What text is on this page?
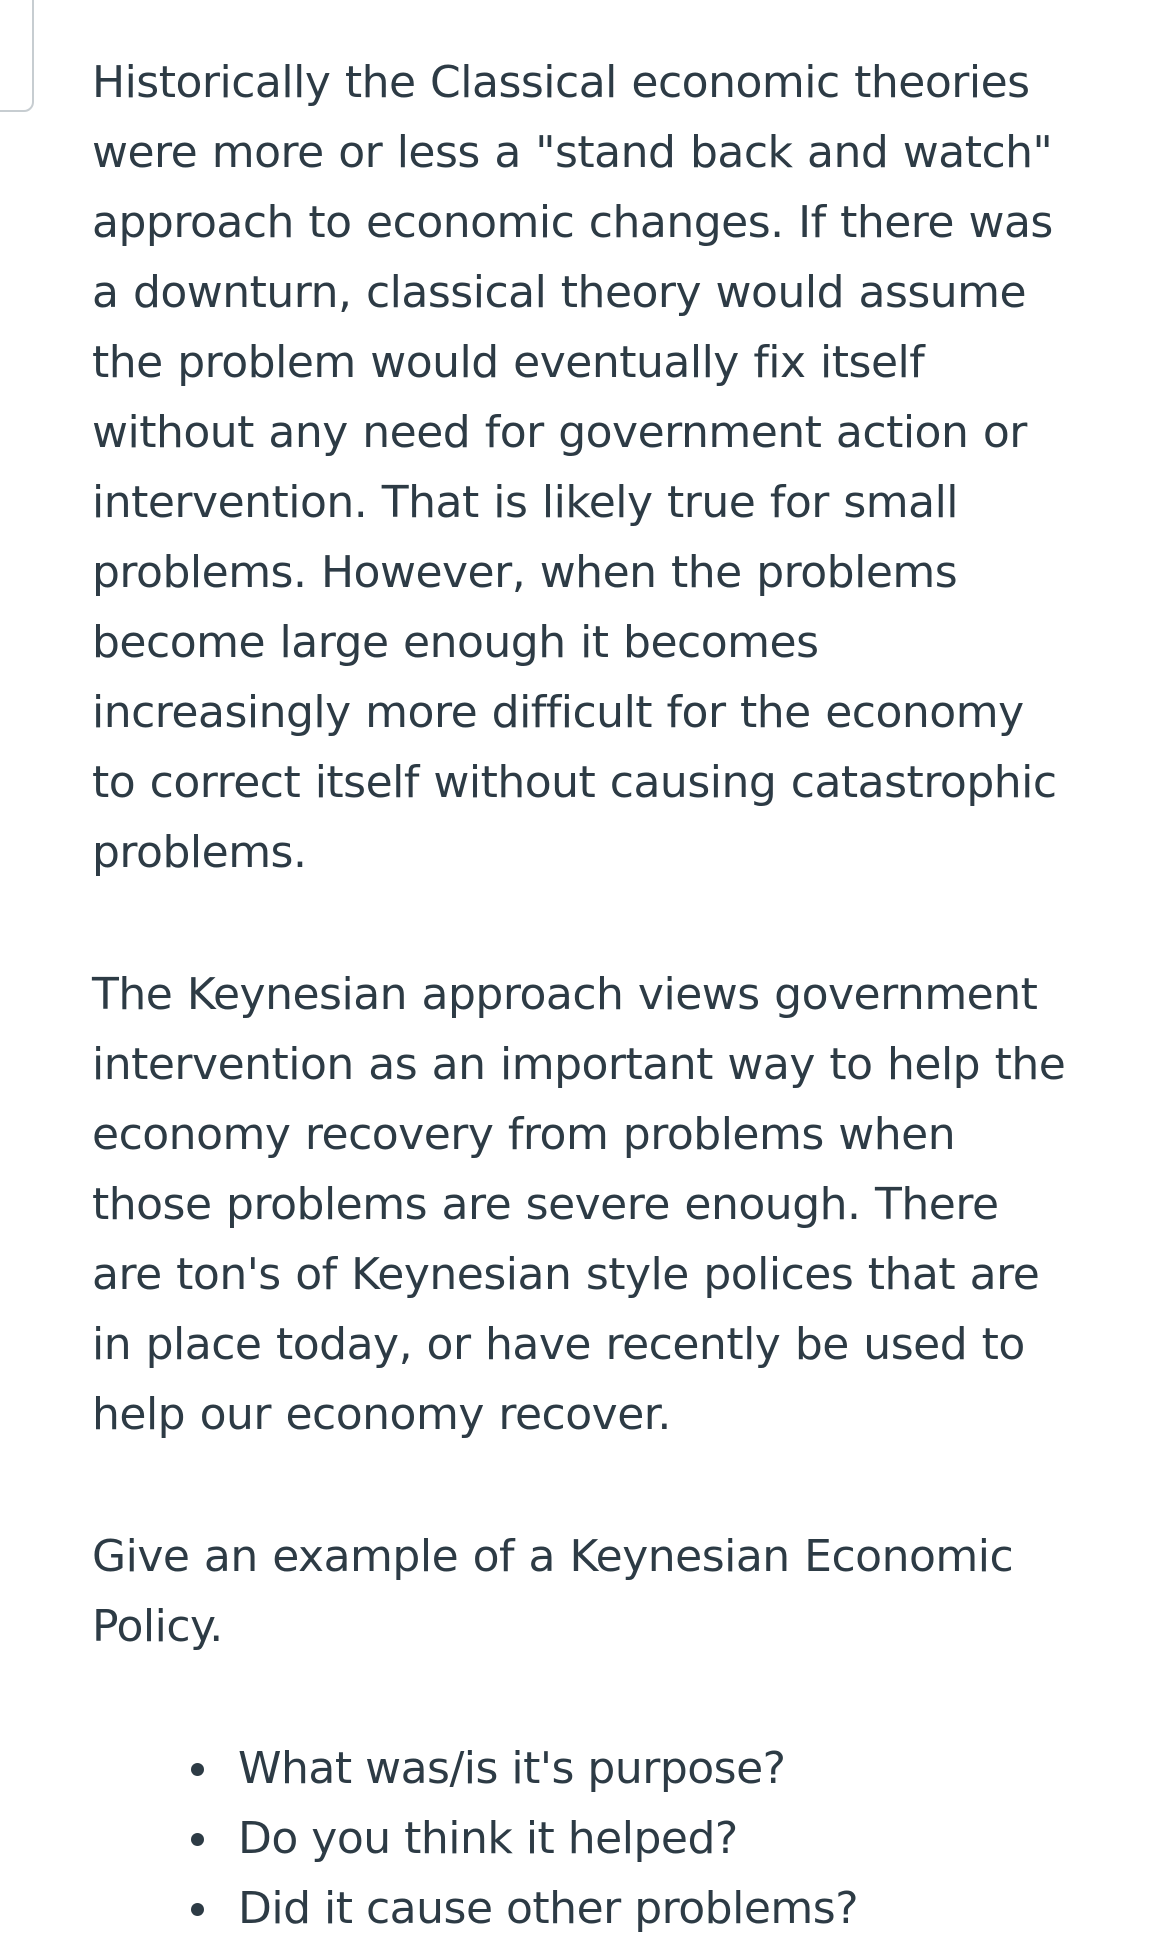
Historically the Classical economic theories
were more or less a "stand back and watch"
approach to economic changes. If there was
a downturn, classical theory would assume
the problem would eventually fix itself
without any need for government action or
intervention. That is likely true for small
problems. However, when the problems
become large enough it becomes
increasingly more difficult for the economy
to correct itself without causing catastrophic
problems.

The Keynesian approach views government
intervention as an important way to help the
economy recovery from problems when
those problems are severe enough. There
are ton's of Keynesian style polices that are
in place today, or have recently be used to
help our economy recover.

Give an example of a Keynesian Economic
Policy.

What was/is it's purpose?
Do you think it helped?
Did it cause other problems?
